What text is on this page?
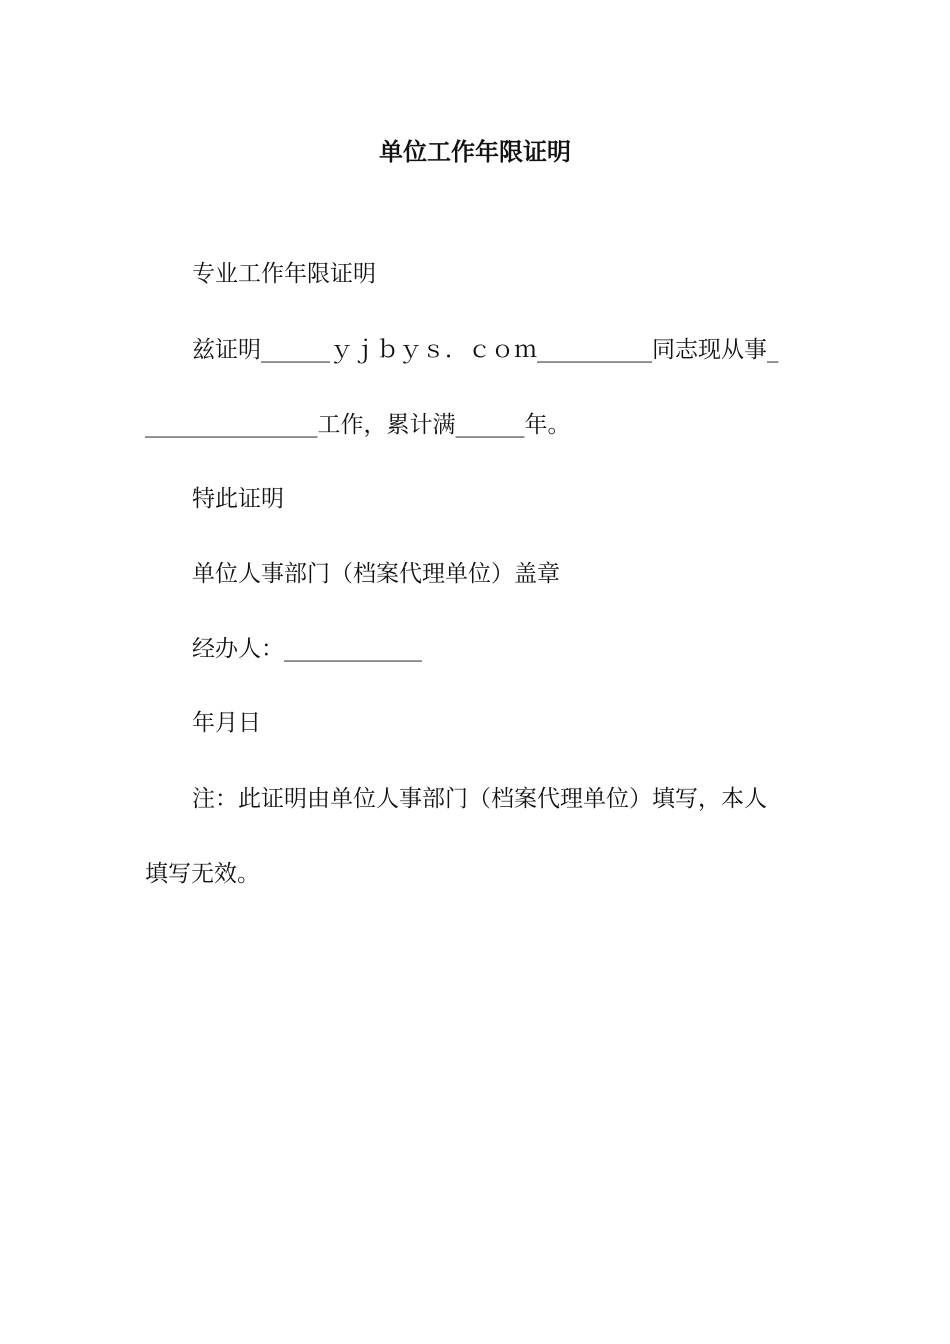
单位工作年限证明
专业工作年限证明
兹证明______ｙｊｂｙｓ．ｃｏｍ__________同志现从事_
_______________工作，累计满______年。
特此证明
单位人事部门（档案代理单位）盖章
经办人：____________
年月日
注：此证明由单位人事部门（档案代理单位）填写，本人
填写无效。
